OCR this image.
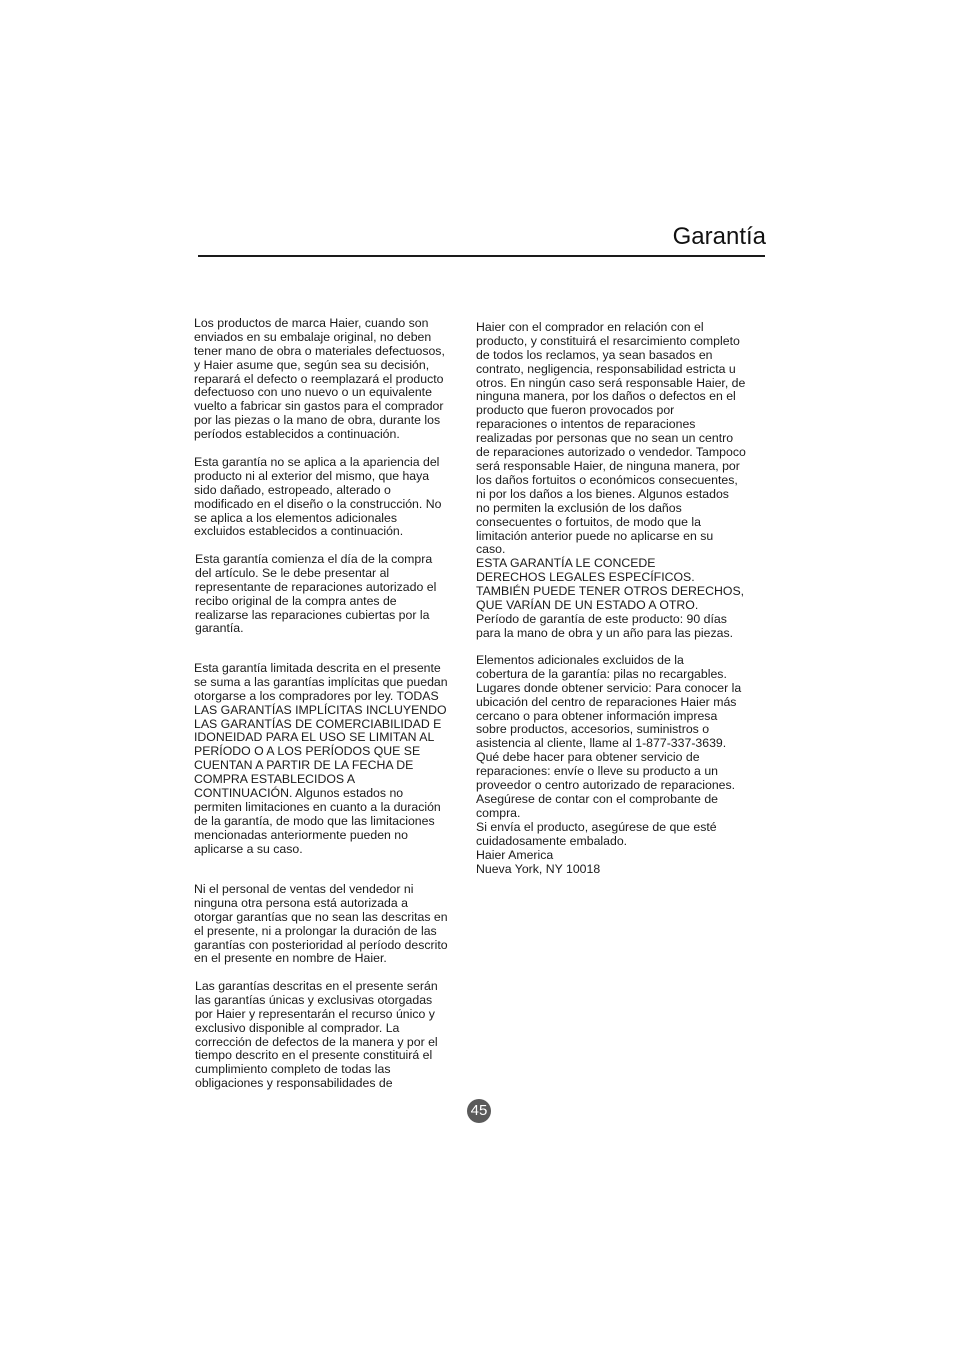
Garantía

Los productos de marca Haier, cuando son
enviados en su embalaje original, no deben
tener mano de obra o materiales defectuosos,
y Haier asume que, según sea su decisión,
reparará el defecto o reemplazará el producto
defectuoso con uno nuevo o un equivalente
vuelto a fabricar sin gastos para el comprador
por las piezas o la mano de obra, durante los
períodos establecidos a continuación.

Esta garantía no se aplica a la apariencia del
producto ni al exterior del mismo, que haya
sido dañado, estropeado, alterado o
modificado en el diseño o la construcción. No
se aplica a los elementos adicionales
excluidos establecidos a continuación.

Esta garantía comienza el día de la compra
del artículo. Se le debe presentar al
representante de reparaciones autorizado el
recibo original de la compra antes de
realizarse las reparaciones cubiertas por la
garantía.

Esta garantía limitada descrita en el presente
se suma a las garantías implícitas que puedan
otorgarse a los compradores por ley. TODAS
LAS GARANTÍAS IMPLÍCITAS INCLUYENDO
LAS GARANTÍAS DE COMERCIABILIDAD E
IDONEIDAD PARA EL USO SE LIMITAN AL
PERÍODO O A LOS PERÍODOS QUE SE
CUENTAN A PARTIR DE LA FECHA DE
COMPRA ESTABLECIDOS A
CONTINUACIÓN. Algunos estados no
permiten limitaciones en cuanto a la duración
de la garantía, de modo que las limitaciones
mencionadas anteriormente pueden no
aplicarse a su caso.

Ni el personal de ventas del vendedor ni
ninguna otra persona está autorizada a
otorgar garantías que no sean las descritas en
el presente, ni a prolongar la duración de las
garantías con posterioridad al período descrito
en el presente en nombre de Haier.

Las garantías descritas en el presente serán
las garantías únicas y exclusivas otorgadas
por Haier y representarán el recurso único y
exclusivo disponible al comprador. La
corrección de defectos de la manera y por el
tiempo descrito en el presente constituirá el
cumplimiento completo de todas las
obligaciones y responsabilidades de

Haier con el comprador en relación con el
producto, y constituirá el resarcimiento completo
de todos los reclamos, ya sean basados en
contrato, negligencia, responsabilidad estricta u
otros. En ningún caso será responsable Haier, de
ninguna manera, por los daños o defectos en el
producto que fueron provocados por
reparaciones o intentos de reparaciones
realizadas por personas que no sean un centro
de reparaciones autorizado o vendedor. Tampoco
será responsable Haier, de ninguna manera, por
los daños fortuitos o económicos consecuentes,
ni por los daños a los bienes. Algunos estados
no permiten la exclusión de los daños
consecuentes o fortuitos, de modo que la
limitación anterior puede no aplicarse en su
caso.
ESTA GARANTÍA LE CONCEDE
DERECHOS LEGALES ESPECÍFICOS.
TAMBIÉN PUEDE TENER OTROS DERECHOS,
QUE VARÍAN DE UN ESTADO A OTRO.
Período de garantía de este producto: 90 días
para la mano de obra y un año para las piezas.

Elementos adicionales excluidos de la
cobertura de la garantía: pilas no recargables.
Lugares donde obtener servicio: Para conocer la
ubicación del centro de reparaciones Haier más
cercano o para obtener información impresa
sobre productos, accesorios, suministros o
asistencia al cliente, llame al 1-877-337-3639.
Qué debe hacer para obtener servicio de
reparaciones: envíe o lleve su producto a un
proveedor o centro autorizado de reparaciones.
Asegúrese de contar con el comprobante de
compra.
Si envía el producto, asegúrese de que esté
cuidadosamente embalado.
Haier America
Nueva York, NY 10018

45
